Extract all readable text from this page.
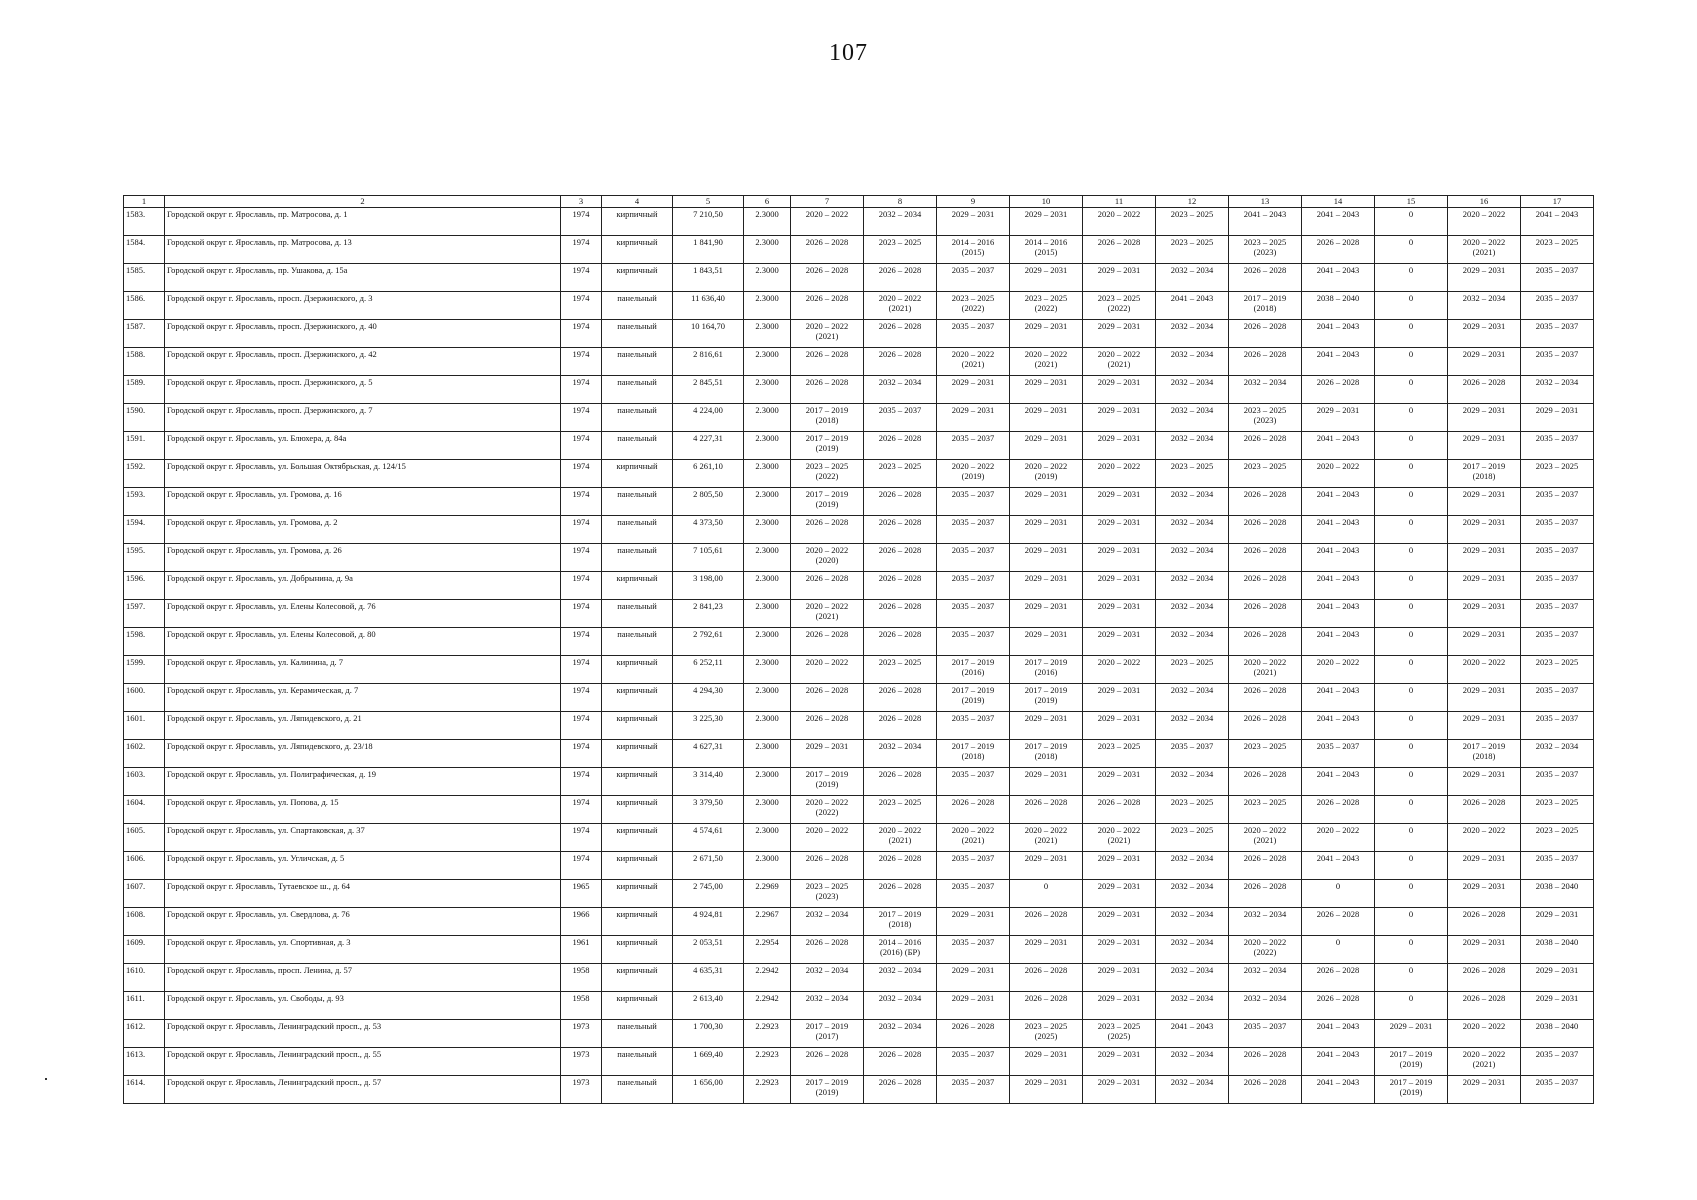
107
1	2	3	4	5	6	7	8	9	10	11	12	13	14	15	16	17
1583.	Городской округ г. Ярославль, пр. Матросова, д. 1	1974	кирпичный	7 210,50	2.3000	2020 – 2022	2032 – 2034	2029 – 2031	2029 – 2031	2020 – 2022	2023 – 2025	2041 – 2043	2041 – 2043	0	2020 – 2022	2041 – 2043
1584.	Городской округ г. Ярославль, пр. Матросова, д. 13	1974	кирпичный	1 841,90	2.3000	2026 – 2028	2023 – 2025	2014 – 2016
(2015)	2014 – 2016
(2015)	2026 – 2028	2023 – 2025	2023 – 2025
(2023)	2026 – 2028	0	2020 – 2022
(2021)	2023 – 2025
1585.	Городской округ г. Ярославль, пр. Ушакова, д. 15а	1974	кирпичный	1 843,51	2.3000	2026 – 2028	2026 – 2028	2035 – 2037	2029 – 2031	2029 – 2031	2032 – 2034	2026 – 2028	2041 – 2043	0	2029 – 2031	2035 – 2037
1586.	Городской округ г. Ярославль, просп. Дзержинского, д. 3	1974	панельный	11 636,40	2.3000	2026 – 2028	2020 – 2022
(2021)	2023 – 2025
(2022)	2023 – 2025
(2022)	2023 – 2025
(2022)	2041 – 2043	2017 – 2019
(2018)	2038 – 2040	0	2032 – 2034	2035 – 2037
1587.	Городской округ г. Ярославль, просп. Дзержинского, д. 40	1974	панельный	10 164,70	2.3000	2020 – 2022
(2021)	2026 – 2028	2035 – 2037	2029 – 2031	2029 – 2031	2032 – 2034	2026 – 2028	2041 – 2043	0	2029 – 2031	2035 – 2037
1588.	Городской округ г. Ярославль, просп. Дзержинского, д. 42	1974	панельный	2 816,61	2.3000	2026 – 2028	2026 – 2028	2020 – 2022
(2021)	2020 – 2022
(2021)	2020 – 2022
(2021)	2032 – 2034	2026 – 2028	2041 – 2043	0	2029 – 2031	2035 – 2037
1589.	Городской округ г. Ярославль, просп. Дзержинского, д. 5	1974	панельный	2 845,51	2.3000	2026 – 2028	2032 – 2034	2029 – 2031	2029 – 2031	2029 – 2031	2032 – 2034	2032 – 2034	2026 – 2028	0	2026 – 2028	2032 – 2034
1590.	Городской округ г. Ярославль, просп. Дзержинского, д. 7	1974	панельный	4 224,00	2.3000	2017 – 2019
(2018)	2035 – 2037	2029 – 2031	2029 – 2031	2029 – 2031	2032 – 2034	2023 – 2025
(2023)	2029 – 2031	0	2029 – 2031	2029 – 2031
1591.	Городской округ г. Ярославль, ул. Блюхера, д. 84а	1974	панельный	4 227,31	2.3000	2017 – 2019
(2019)	2026 – 2028	2035 – 2037	2029 – 2031	2029 – 2031	2032 – 2034	2026 – 2028	2041 – 2043	0	2029 – 2031	2035 – 2037
1592.	Городской округ г. Ярославль, ул. Большая Октябрьская, д. 124/15	1974	кирпичный	6 261,10	2.3000	2023 – 2025
(2022)	2023 – 2025	2020 – 2022
(2019)	2020 – 2022
(2019)	2020 – 2022	2023 – 2025	2023 – 2025	2020 – 2022	0	2017 – 2019
(2018)	2023 – 2025
1593.	Городской округ г. Ярославль, ул. Громова, д. 16	1974	панельный	2 805,50	2.3000	2017 – 2019
(2019)	2026 – 2028	2035 – 2037	2029 – 2031	2029 – 2031	2032 – 2034	2026 – 2028	2041 – 2043	0	2029 – 2031	2035 – 2037
1594.	Городской округ г. Ярославль, ул. Громова, д. 2	1974	панельный	4 373,50	2.3000	2026 – 2028	2026 – 2028	2035 – 2037	2029 – 2031	2029 – 2031	2032 – 2034	2026 – 2028	2041 – 2043	0	2029 – 2031	2035 – 2037
1595.	Городской округ г. Ярославль, ул. Громова, д. 26	1974	панельный	7 105,61	2.3000	2020 – 2022
(2020)	2026 – 2028	2035 – 2037	2029 – 2031	2029 – 2031	2032 – 2034	2026 – 2028	2041 – 2043	0	2029 – 2031	2035 – 2037
1596.	Городской округ г. Ярославль, ул. Добрынина, д. 9а	1974	кирпичный	3 198,00	2.3000	2026 – 2028	2026 – 2028	2035 – 2037	2029 – 2031	2029 – 2031	2032 – 2034	2026 – 2028	2041 – 2043	0	2029 – 2031	2035 – 2037
1597.	Городской округ г. Ярославль, ул. Елены Колесовой, д. 76	1974	панельный	2 841,23	2.3000	2020 – 2022
(2021)	2026 – 2028	2035 – 2037	2029 – 2031	2029 – 2031	2032 – 2034	2026 – 2028	2041 – 2043	0	2029 – 2031	2035 – 2037
1598.	Городской округ г. Ярославль, ул. Елены Колесовой, д. 80	1974	панельный	2 792,61	2.3000	2026 – 2028	2026 – 2028	2035 – 2037	2029 – 2031	2029 – 2031	2032 – 2034	2026 – 2028	2041 – 2043	0	2029 – 2031	2035 – 2037
1599.	Городской округ г. Ярославль, ул. Калинина, д. 7	1974	кирпичный	6 252,11	2.3000	2020 – 2022	2023 – 2025	2017 – 2019
(2016)	2017 – 2019
(2016)	2020 – 2022	2023 – 2025	2020 – 2022
(2021)	2020 – 2022	0	2020 – 2022	2023 – 2025
1600.	Городской округ г. Ярославль, ул. Керамическая, д. 7	1974	кирпичный	4 294,30	2.3000	2026 – 2028	2026 – 2028	2017 – 2019
(2019)	2017 – 2019
(2019)	2029 – 2031	2032 – 2034	2026 – 2028	2041 – 2043	0	2029 – 2031	2035 – 2037
1601.	Городской округ г. Ярославль, ул. Ляпидевского, д. 21	1974	кирпичный	3 225,30	2.3000	2026 – 2028	2026 – 2028	2035 – 2037	2029 – 2031	2029 – 2031	2032 – 2034	2026 – 2028	2041 – 2043	0	2029 – 2031	2035 – 2037
1602.	Городской округ г. Ярославль, ул. Ляпидевского, д. 23/18	1974	кирпичный	4 627,31	2.3000	2029 – 2031	2032 – 2034	2017 – 2019
(2018)	2017 – 2019
(2018)	2023 – 2025	2035 – 2037	2023 – 2025	2035 – 2037	0	2017 – 2019
(2018)	2032 – 2034
1603.	Городской округ г. Ярославль, ул. Полиграфическая, д. 19	1974	кирпичный	3 314,40	2.3000	2017 – 2019
(2019)	2026 – 2028	2035 – 2037	2029 – 2031	2029 – 2031	2032 – 2034	2026 – 2028	2041 – 2043	0	2029 – 2031	2035 – 2037
1604.	Городской округ г. Ярославль, ул. Попова, д. 15	1974	кирпичный	3 379,50	2.3000	2020 – 2022
(2022)	2023 – 2025	2026 – 2028	2026 – 2028	2026 – 2028	2023 – 2025	2023 – 2025	2026 – 2028	0	2026 – 2028	2023 – 2025
1605.	Городской округ г. Ярославль, ул. Спартаковская, д. 37	1974	кирпичный	4 574,61	2.3000	2020 – 2022	2020 – 2022
(2021)	2020 – 2022
(2021)	2020 – 2022
(2021)	2020 – 2022
(2021)	2023 – 2025	2020 – 2022
(2021)	2020 – 2022	0	2020 – 2022	2023 – 2025
1606.	Городской округ г. Ярославль, ул. Угличская, д. 5	1974	кирпичный	2 671,50	2.3000	2026 – 2028	2026 – 2028	2035 – 2037	2029 – 2031	2029 – 2031	2032 – 2034	2026 – 2028	2041 – 2043	0	2029 – 2031	2035 – 2037
1607.	Городской округ г. Ярославль, Тутаевское ш., д. 64	1965	кирпичный	2 745,00	2.2969	2023 – 2025
(2023)	2026 – 2028	2035 – 2037	0	2029 – 2031	2032 – 2034	2026 – 2028	0	0	2029 – 2031	2038 – 2040
1608.	Городской округ г. Ярославль, ул. Свердлова, д. 76	1966	кирпичный	4 924,81	2.2967	2032 – 2034	2017 – 2019
(2018)	2029 – 2031	2026 – 2028	2029 – 2031	2032 – 2034	2032 – 2034	2026 – 2028	0	2026 – 2028	2029 – 2031
1609.	Городской округ г. Ярославль, ул. Спортивная, д. 3	1961	кирпичный	2 053,51	2.2954	2026 – 2028	2014 – 2016
(2016) (БР)	2035 – 2037	2029 – 2031	2029 – 2031	2032 – 2034	2020 – 2022
(2022)	0	0	2029 – 2031	2038 – 2040
1610.	Городской округ г. Ярославль, просп. Ленина, д. 57	1958	кирпичный	4 635,31	2.2942	2032 – 2034	2032 – 2034	2029 – 2031	2026 – 2028	2029 – 2031	2032 – 2034	2032 – 2034	2026 – 2028	0	2026 – 2028	2029 – 2031
1611.	Городской округ г. Ярославль, ул. Свободы, д. 93	1958	кирпичный	2 613,40	2.2942	2032 – 2034	2032 – 2034	2029 – 2031	2026 – 2028	2029 – 2031	2032 – 2034	2032 – 2034	2026 – 2028	0	2026 – 2028	2029 – 2031
1612.	Городской округ г. Ярославль, Ленинградский просп., д. 53	1973	панельный	1 700,30	2.2923	2017 – 2019
(2017)	2032 – 2034	2026 – 2028	2023 – 2025
(2025)	2023 – 2025
(2025)	2041 – 2043	2035 – 2037	2041 – 2043	2029 – 2031	2020 – 2022	2038 – 2040
1613.	Городской округ г. Ярославль, Ленинградский просп., д. 55	1973	панельный	1 669,40	2.2923	2026 – 2028	2026 – 2028	2035 – 2037	2029 – 2031	2029 – 2031	2032 – 2034	2026 – 2028	2041 – 2043	2017 – 2019
(2019)	2020 – 2022
(2021)	2035 – 2037
1614.	Городской округ г. Ярославль, Ленинградский просп., д. 57	1973	панельный	1 656,00	2.2923	2017 – 2019
(2019)	2026 – 2028	2035 – 2037	2029 – 2031	2029 – 2031	2032 – 2034	2026 – 2028	2041 – 2043	2017 – 2019
(2019)	2029 – 2031	2035 – 2037
